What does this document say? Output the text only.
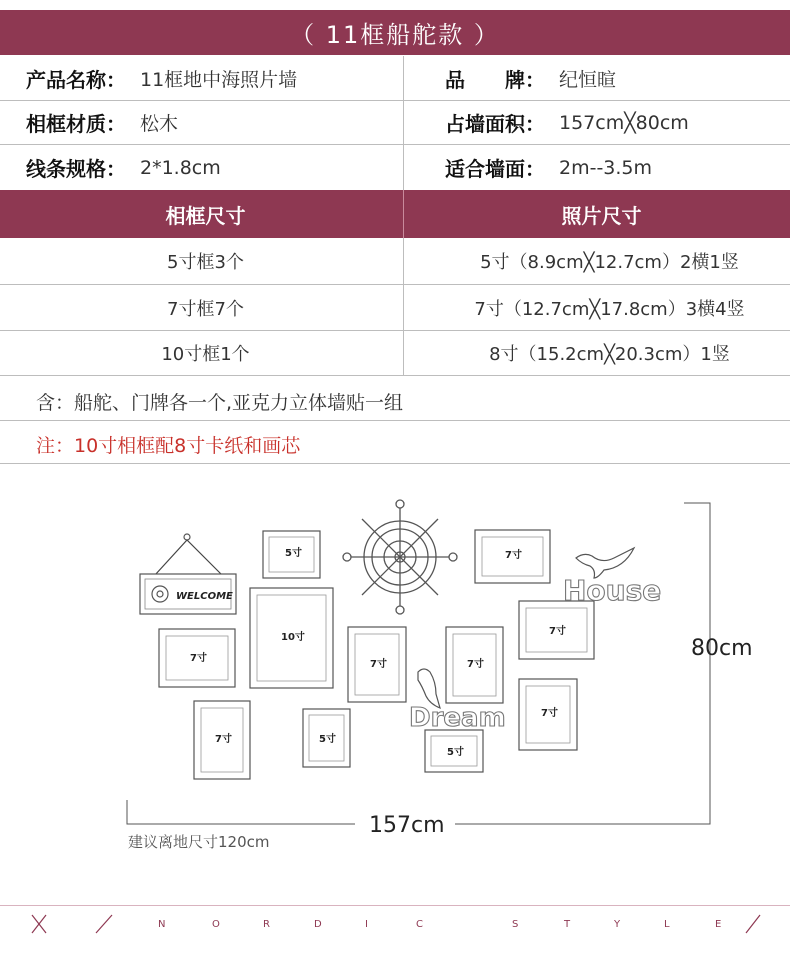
（ 11框船舵款 ）
产品名称： 11框地中海照片墙	品　　牌： 纪恒暄
相框材质： 松木	占墙面积： 157cm╳80cm
线条规格： 2*1.8cm	适合墙面： 2m--3.5m
相框尺寸	照片尺寸
5寸框3个	5寸（8.9cm╳12.7cm）2横1竖
7寸框7个	7寸（12.7cm╳17.8cm）3横4竖
10寸框1个	8寸（15.2cm╳20.3cm）1竖
含：船舵、门牌各一个,亚克力立体墙贴一组
注：10寸相框配8寸卡纸和画芯
House
Dream
WELCOME
5寸
7寸
10寸
7寸	5寸
7寸
7寸
7寸
7寸
7寸
5寸
80cm
157cm
建议离地尺寸120cm
N	O	R	D	I	C	S	T	Y	L	E
